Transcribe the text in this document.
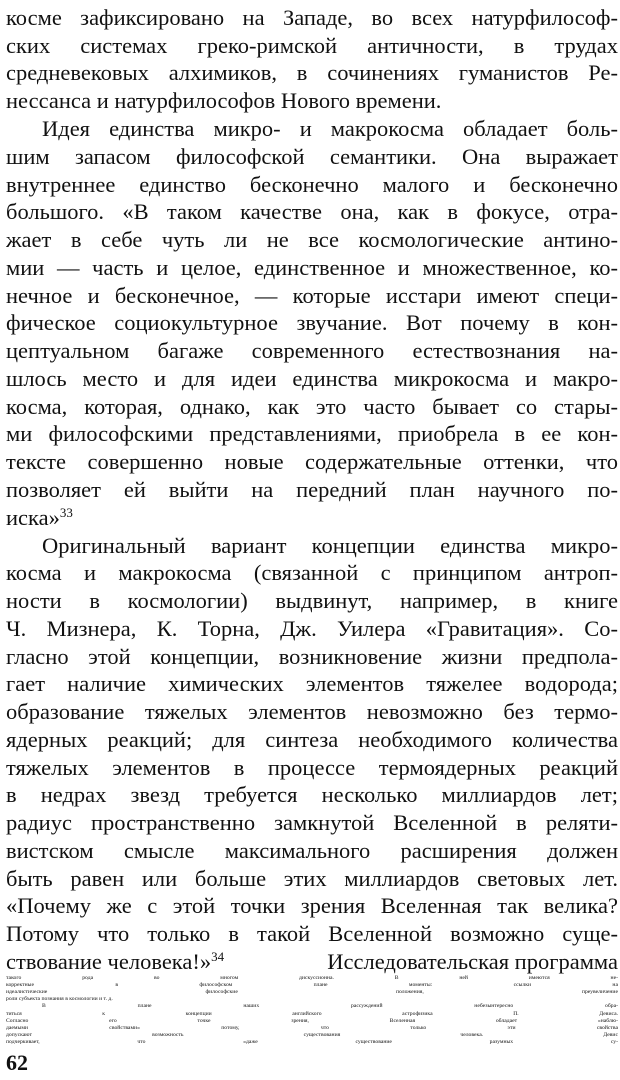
косме зафиксировано на Западе, во всех натурфилософ-
ских системах греко-римской античности, в трудах
средневековых алхимиков, в сочинениях гуманистов Ре-
нессанса и натурфилософов Нового времени.
Идея единства микро- и макрокосма обладает боль-
шим запасом философской семантики. Она выражает
внутреннее единство бесконечно малого и бесконечно
большого. «В таком качестве она, как в фокусе, отра-
жает в себе чуть ли не все космологические антино-
мии — часть и целое, единственное и множественное, ко-
нечное и бесконечное, — которые исстари имеют специ-
фическое социокультурное звучание. Вот почему в кон-
цептуальном багаже современного естествознания на-
шлось место и для идеи единства микрокосма и макро-
косма, которая, однако, как это часто бывает со стары-
ми философскими представлениями, приобрела в ее кон-
тексте совершенно новые содержательные оттенки, что
позволяет ей выйти на передний план научного по-
иска»$^{33}$
Оригинальный вариант концепции единства микро-
косма и макрокосма (связанной с принципом антроп-
ности в космологии) выдвинут, например, в книге
Ч. Мизнера, К. Торна, Дж. Уилера «Гравитация». Со-
гласно этой концепции, возникновение жизни предпола-
гает наличие химических элементов тяжелее водорода;
образование тяжелых элементов невозможно без термо-
ядерных реакций; для синтеза необходимого количества
тяжелых элементов в процессе термоядерных реакций
в недрах звезд требуется несколько миллиардов лет;
радиус пространственно замкнутой Вселенной в реляти-
вистском смысле максимального расширения должен
быть равен или больше этих миллиардов световых лет.
«Почему же с этой точки зрения Вселенная так велика?
Потому что только в такой Вселенной возможно суще-
ствование человека!»$^{34}$	Исследовательская программа
такого рода во многом дискуссионна. В ней имеются не-
корректные в философском плане моменты: ссылки на
идеалистические философские положения, преувеличение
роли субъекта познания в космологии и т. д.
В плане наших рассуждений небезынтересно обра-
титься к концепции английского астрофизика П. Девиса.
Согласно его точке зрения, Вселенная обладает «наблю-
даемыми свойствами» потому, что только эти свойства
допускают возможность существования человека. Девис
подчеркивает, что «даже существование разумных су-
62
